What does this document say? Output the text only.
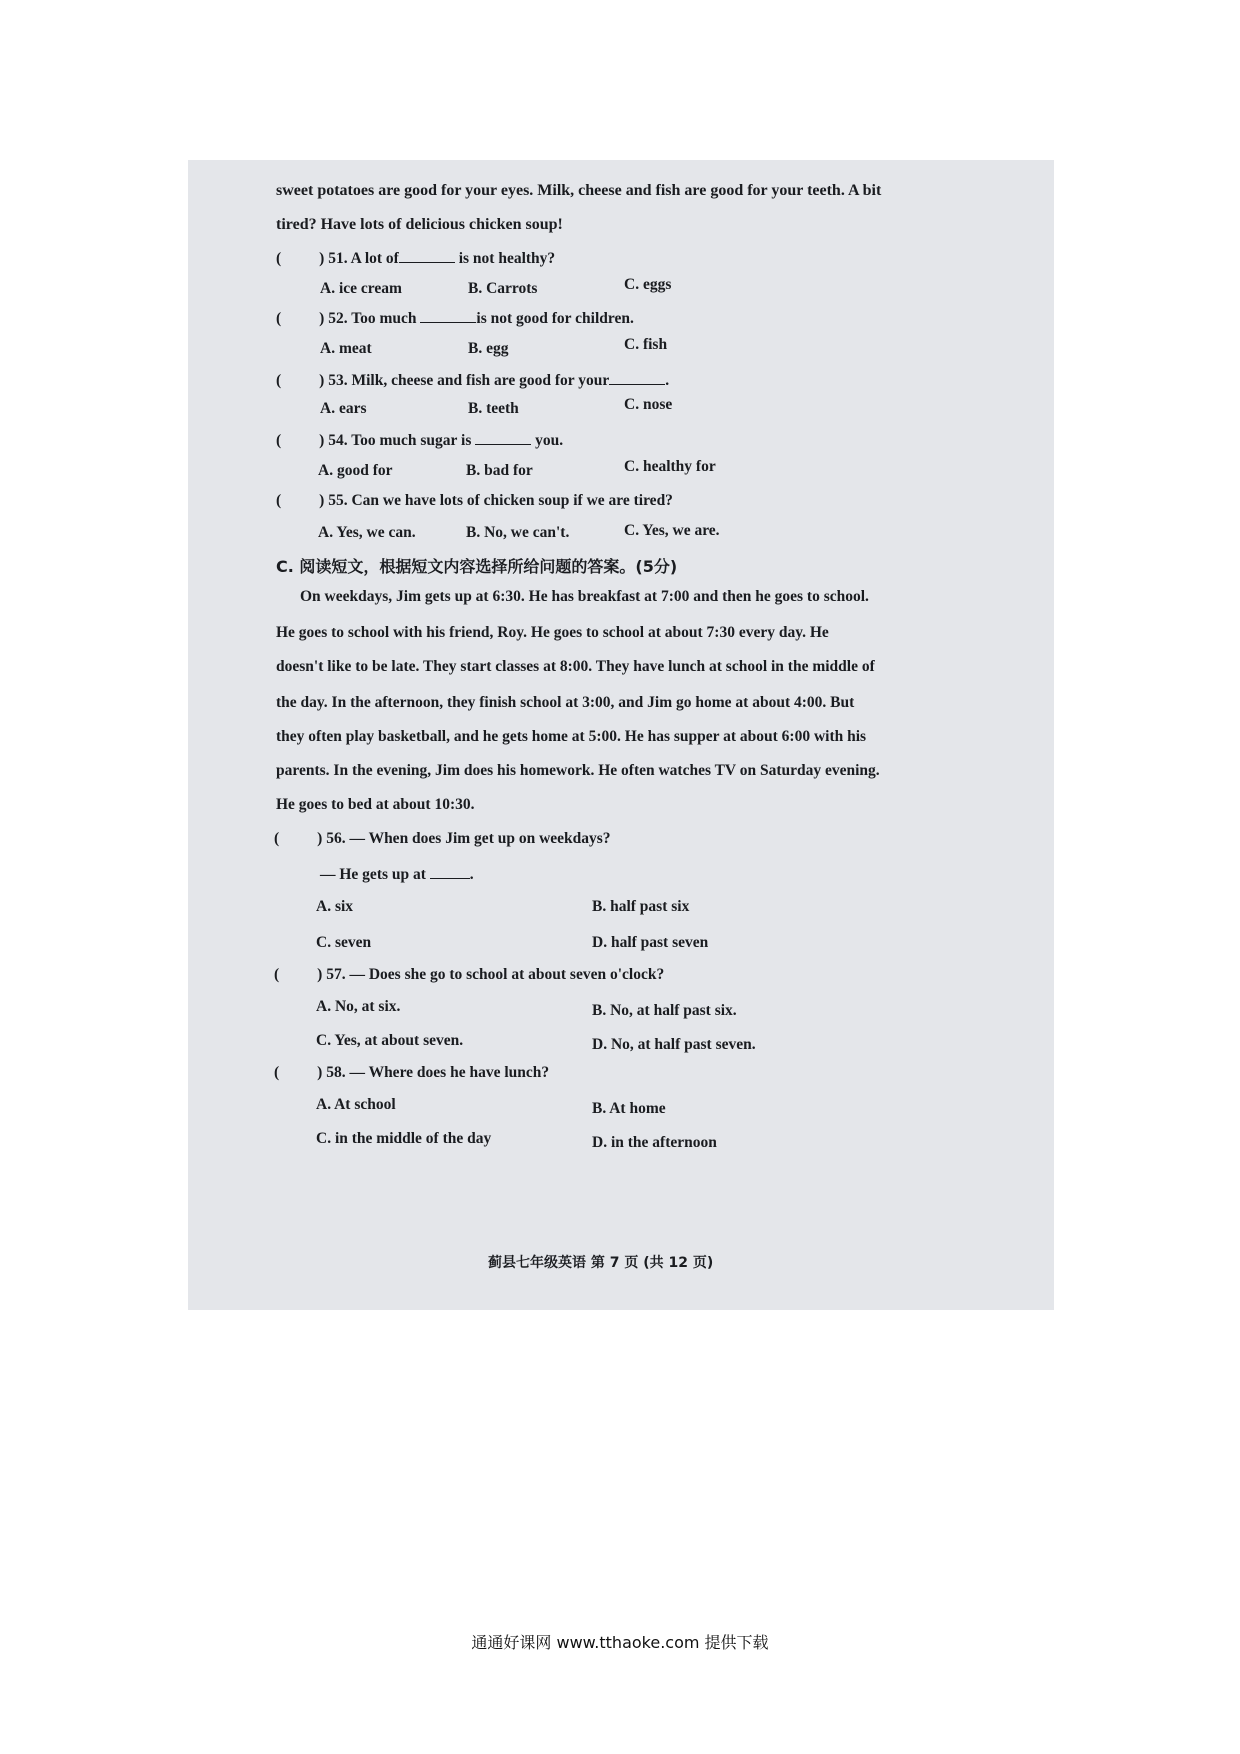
sweet potatoes are good for your eyes. Milk, cheese and fish are good for your teeth. A bit
tired? Have lots of delicious chicken soup!
( ) 51. A lot of	is not healthy?
A. ice cream	B. Carrots	C. eggs
( ) 52. Too much	is not good for children.
A. meat	B. egg	C. fish
( ) 53. Milk, cheese and fish are good for your	.
A. ears	B. teeth	C. nose
( ) 54. Too much sugar is	you.
A. good for	B. bad for	C. healthy for
( ) 55. Can we have lots of chicken soup if we are tired?
A. Yes, we can.	B. No, we can't.	C. Yes, we are.
C. 阅读短文，根据短文内容选择所给问题的答案。(5分)
On weekdays, Jim gets up at 6:30. He has breakfast at 7:00 and then he goes to school.
He goes to school with his friend, Roy. He goes to school at about 7:30 every day. He
doesn't like to be late. They start classes at 8:00. They have lunch at school in the middle of
the day. In the afternoon, they finish school at 3:00, and Jim go home at about 4:00. But
they often play basketball, and he gets home at 5:00. He has supper at about 6:00 with his
parents. In the evening, Jim does his homework. He often watches TV on Saturday evening.
He goes to bed at about 10:30.
( ) 56. — When does Jim get up on weekdays?
— He gets up at	.
A. six	B. half past six
C. seven	D. half past seven
( ) 57. — Does she go to school at about seven o'clock?
A. No, at six.	B. No, at half past six.
C. Yes, at about seven.	D. No, at half past seven.
( ) 58. — Where does he have lunch?
A. At school	B. At home
C. in the middle of the day	D. in the afternoon
蓟县七年级英语 第 7 页 (共 12 页)
通通好课网 www.tthaoke.com 提供下载
